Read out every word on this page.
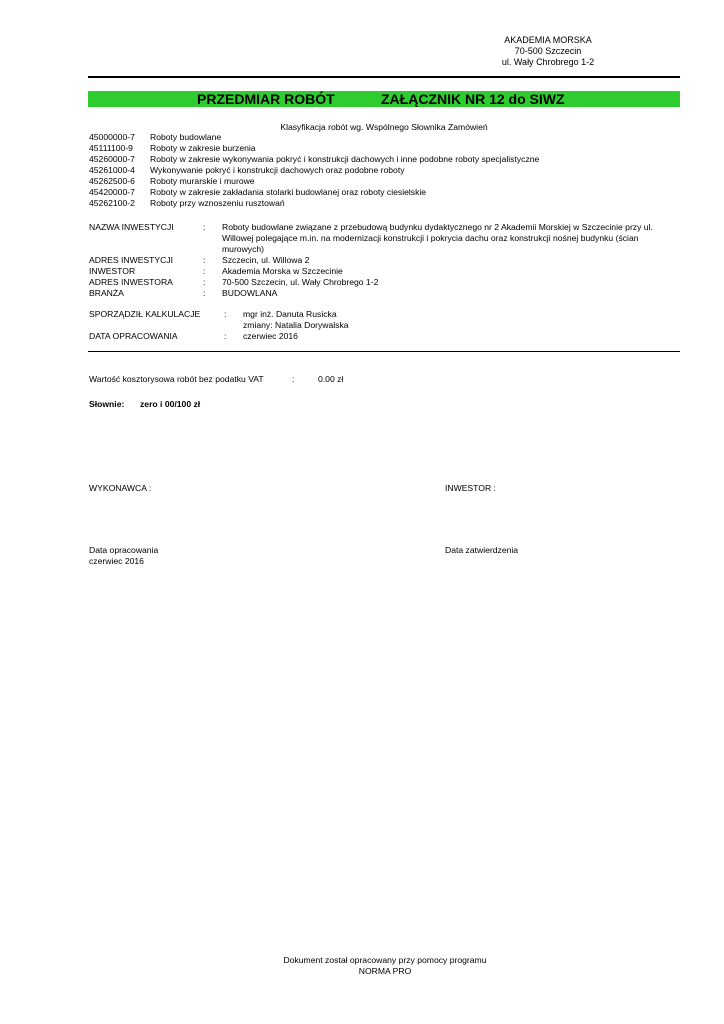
AKADEMIA MORSKA
70-500 Szczecin
ul. Wały Chrobrego 1-2
PRZEDMIAR ROBÓT	ZAŁĄCZNIK NR 12 do SIWZ
Klasyfikacja robót wg. Wspólnego Słownika Zamówień
45000000-7	Roboty budowlane
45111100-9	Roboty w zakresie burzenia
45260000-7	Roboty w zakresie wykonywania pokryć i konstrukcji dachowych i inne podobne roboty specjalistyczne
45261000-4	Wykonywanie pokryć i konstrukcji dachowych oraz podobne roboty
45262500-6	Roboty murarskie i murowe
45420000-7	Roboty w zakresie zakładania stolarki budowlanej oraz roboty ciesielskie
45262100-2	Roboty przy wznoszeniu rusztowań
NAZWA INWESTYCJI	: Roboty budowlane związane z przebudową budynku dydaktycznego nr 2 Akademii Morskiej w Szczecinie przy ul. Willowej polegające m.in. na modernizacji konstrukcji i pokrycia dachu oraz konstrukcji nośnej budynku (ścian murowych)
ADRES INWESTYCJI	: Szczecin, ul. Willowa 2
INWESTOR	: Akademia Morska w Szczecinie
ADRES INWESTORA	: 70-500 Szczecin, ul. Wały Chrobrego 1-2
BRANŻA	: BUDOWLANA
SPORZĄDZIŁ KALKULACJE	: mgr inż. Danuta Rusicka
zmiany: Natalia Dorywalska
DATA OPRACOWANIA	: czerwiec 2016
Wartość kosztorysowa robót bez podatku VAT	:	0.00 zł
Słownie: zero i 00/100 zł
WYKONAWCA :	INWESTOR :
Data opracowania
czerwiec 2016
Data zatwierdzenia
Dokument został opracowany przy pomocy programu
NORMA PRO
